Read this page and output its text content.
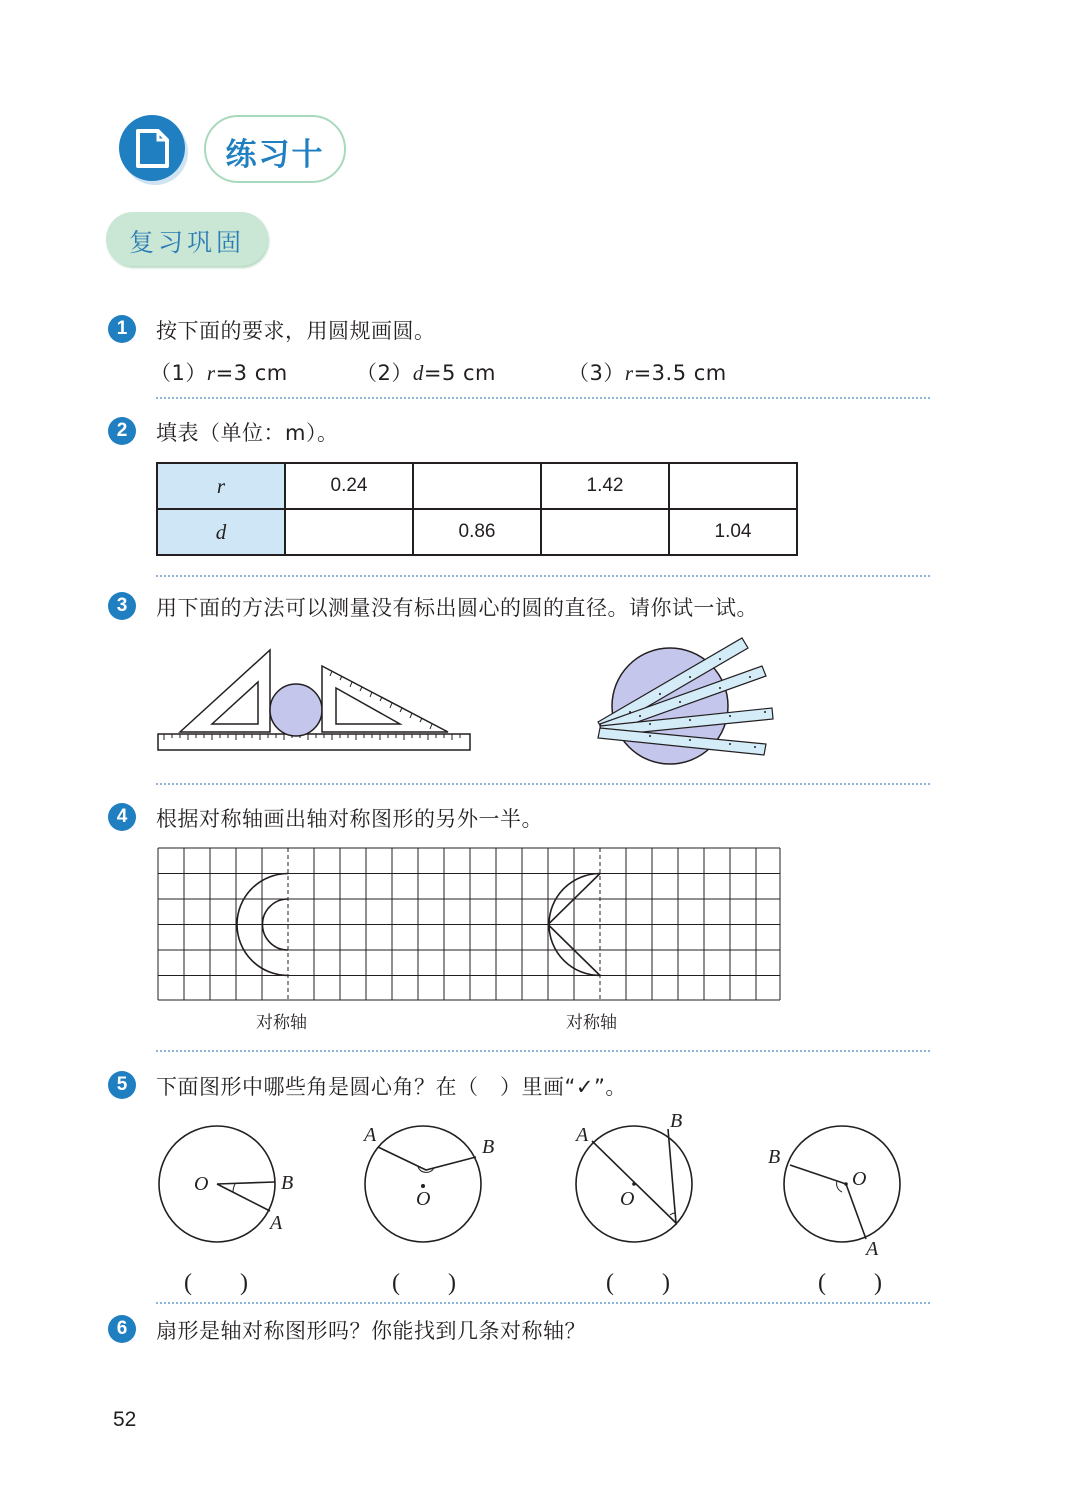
练习十
复习巩固
1	按下面的要求，用圆规画圆。
（1）r=3 cm	（2）d=5 cm	（3）r=3.5 cm
2	填表（单位：m）。
r	0.24		1.42	
d		0.86		1.04
3	用下面的方法可以测量没有标出圆心的圆的直径。请你试一试。
4	根据对称轴画出轴对称图形的另外一半。
对称轴	对称轴
5	下面图形中哪些角是圆心角？在（　）里画“✓”。
O	B
A
A
B
O
A
B
O
B
O
A
(　　)	(　　)	(　　)	(　　)
6	扇形是轴对称图形吗？你能找到几条对称轴？
52
